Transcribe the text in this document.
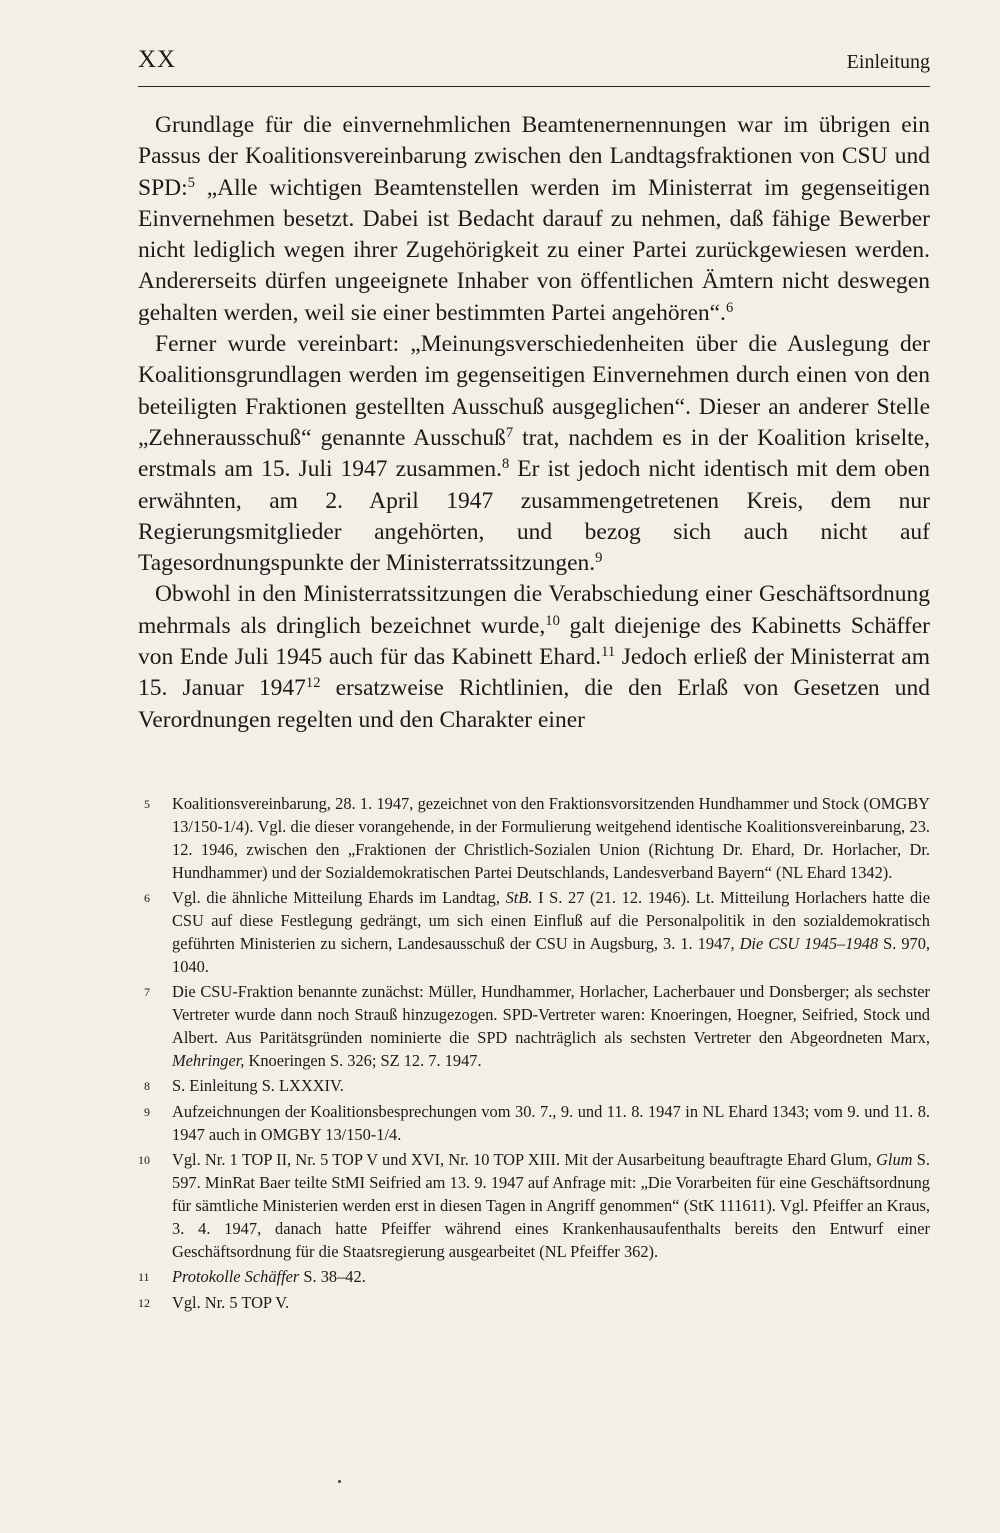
XX	Einleitung

Grundlage für die einvernehmlichen Beamtenernennungen war im übrigen ein Passus der Koalitionsvereinbarung zwischen den Landtagsfraktionen von CSU und SPD:$^5$ „Alle wichtigen Beamtenstellen werden im Ministerrat im gegenseitigen Einvernehmen besetzt. Dabei ist Bedacht darauf zu nehmen, daß fähige Bewerber nicht lediglich wegen ihrer Zugehörigkeit zu einer Partei zurückgewiesen werden. Andererseits dürfen ungeeignete Inhaber von öffentlichen Ämtern nicht deswegen gehalten werden, weil sie einer bestimmten Partei angehören“.$^6$

Ferner wurde vereinbart: „Meinungsverschiedenheiten über die Auslegung der Koalitionsgrundlagen werden im gegenseitigen Einvernehmen durch einen von den beteiligten Fraktionen gestellten Ausschuß ausgeglichen“. Dieser an anderer Stelle „Zehnerausschuß“ genannte Ausschuß$^7$ trat, nachdem es in der Koalition kriselte, erstmals am 15. Juli 1947 zusammen.$^8$ Er ist jedoch nicht identisch mit dem oben erwähnten, am 2. April 1947 zusammengetretenen Kreis, dem nur Regierungsmitglieder angehörten, und bezog sich auch nicht auf Tagesordnungspunkte der Ministerratssitzungen.$^9$

Obwohl in den Ministerratssitzungen die Verabschiedung einer Geschäftsordnung mehrmals als dringlich bezeichnet wurde,$^{10}$ galt diejenige des Kabinetts Schäffer von Ende Juli 1945 auch für das Kabinett Ehard.$^{11}$ Jedoch erließ der Ministerrat am 15. Januar 1947$^{12}$ ersatzweise Richtlinien, die den Erlaß von Gesetzen und Verordnungen regelten und den Charakter einer

5 Koalitionsvereinbarung, 28. 1. 1947, gezeichnet von den Fraktionsvorsitzenden Hundhammer und Stock (OMGBY 13/150-1/4). Vgl. die dieser vorangehende, in der Formulierung weitgehend identische Koalitionsvereinbarung, 23. 12. 1946, zwischen den „Fraktionen der Christlich-Sozialen Union (Richtung Dr. Ehard, Dr. Horlacher, Dr. Hundhammer) und der Sozialdemokratischen Partei Deutschlands, Landesverband Bayern“ (NL Ehard 1342).
6 Vgl. die ähnliche Mitteilung Ehards im Landtag, StB. I S. 27 (21. 12. 1946). Lt. Mitteilung Horlachers hatte die CSU auf diese Festlegung gedrängt, um sich einen Einfluß auf die Personalpolitik in den sozialdemokratisch geführten Ministerien zu sichern, Landesausschuß der CSU in Augsburg, 3. 1. 1947, Die CSU 1945–1948 S. 970, 1040.
7 Die CSU-Fraktion benannte zunächst: Müller, Hundhammer, Horlacher, Lacherbauer und Donsberger; als sechster Vertreter wurde dann noch Strauß hinzugezogen. SPD-Vertreter waren: Knoeringen, Hoegner, Seifried, Stock und Albert. Aus Paritätsgründen nominierte die SPD nachträglich als sechsten Vertreter den Abgeordneten Marx, Mehringer, Knoeringen S. 326; SZ 12. 7. 1947.
8 S. Einleitung S. LXXXIV.
9 Aufzeichnungen der Koalitionsbesprechungen vom 30. 7., 9. und 11. 8. 1947 in NL Ehard 1343; vom 9. und 11. 8. 1947 auch in OMGBY 13/150-1/4.
10 Vgl. Nr. 1 TOP II, Nr. 5 TOP V und XVI, Nr. 10 TOP XIII. Mit der Ausarbeitung beauftragte Ehard Glum, Glum S. 597. MinRat Baer teilte StMI Seifried am 13. 9. 1947 auf Anfrage mit: „Die Vorarbeiten für eine Geschäftsordnung für sämtliche Ministerien werden erst in diesen Tagen in Angriff genommen“ (StK 111611). Vgl. Pfeiffer an Kraus, 3. 4. 1947, danach hatte Pfeiffer während eines Krankenhausaufenthalts bereits den Entwurf einer Geschäftsordnung für die Staatsregierung ausgearbeitet (NL Pfeiffer 362).
11 Protokolle Schäffer S. 38–42.
12 Vgl. Nr. 5 TOP V.
